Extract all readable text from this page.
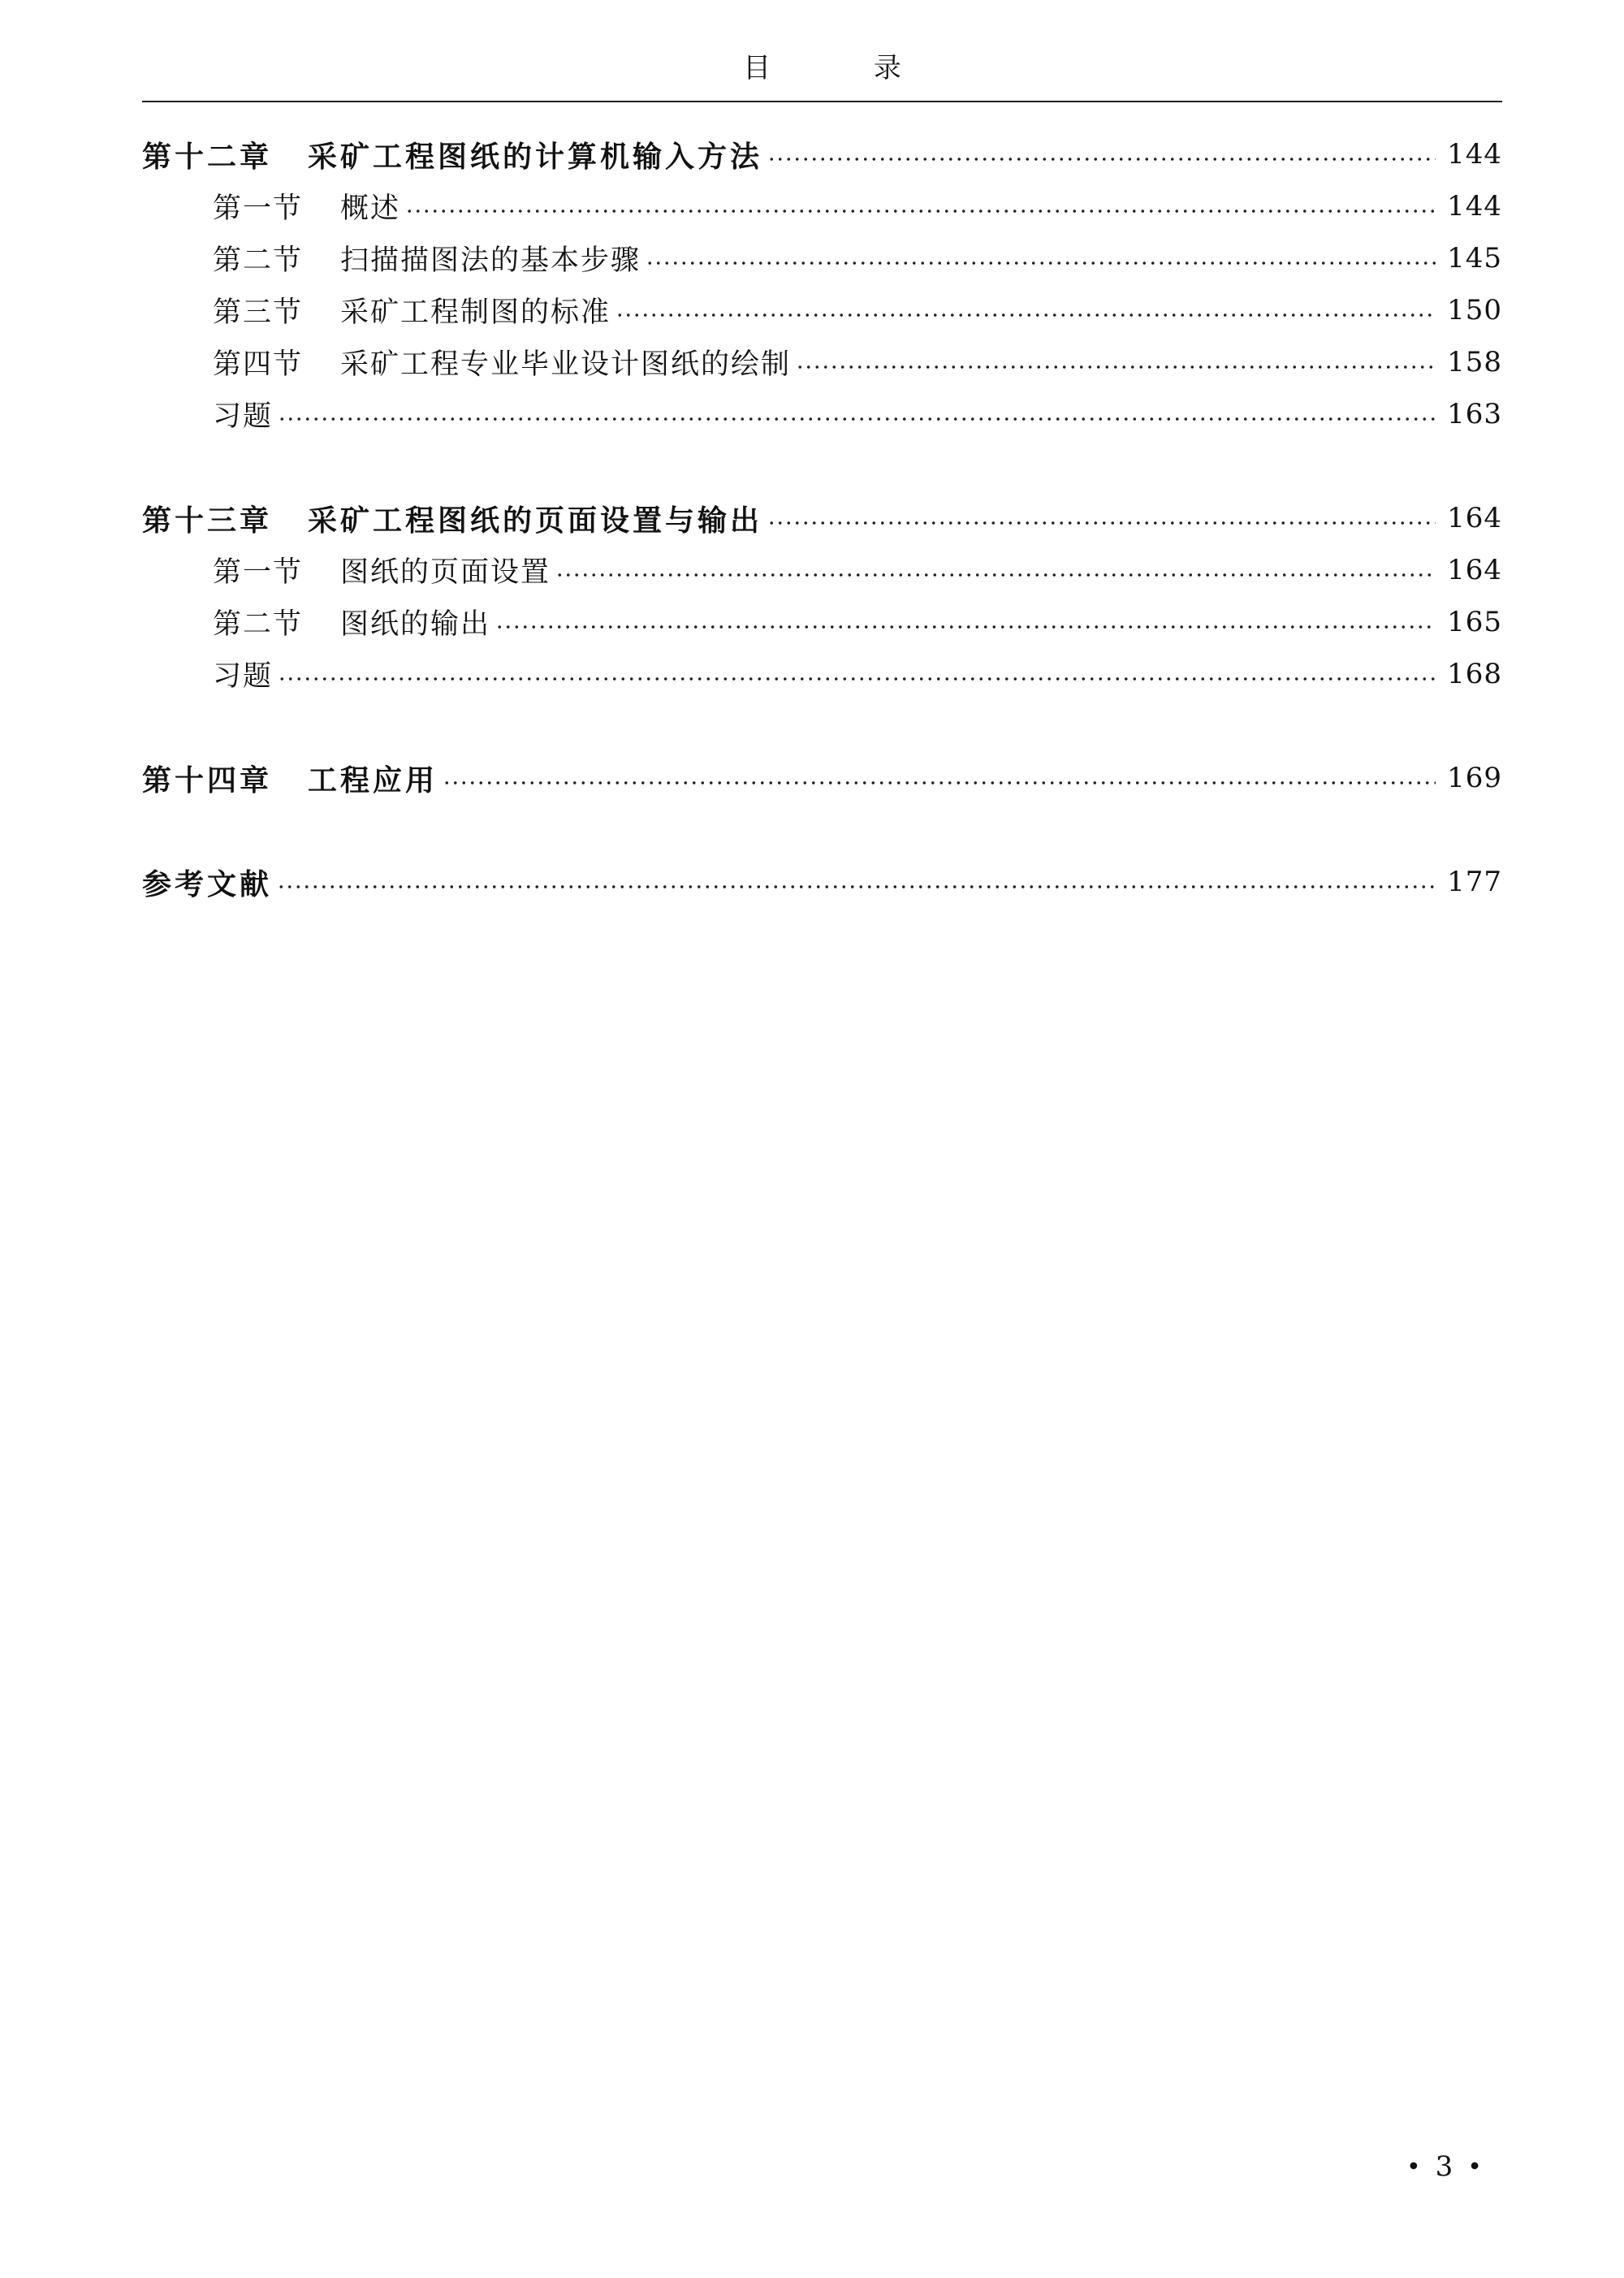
目 录
第十二章 采矿工程图纸的计算机输入方法	144
第一节 概述	144
第二节 扫描描图法的基本步骤	145
第三节 采矿工程制图的标准	150
第四节 采矿工程专业毕业设计图纸的绘制	158
习题	163
第十三章 采矿工程图纸的页面设置与输出	164
第一节 图纸的页面设置	164
第二节 图纸的输出	165
习题	168
第十四章 工程应用	169
参考文献	177
• 3 •
